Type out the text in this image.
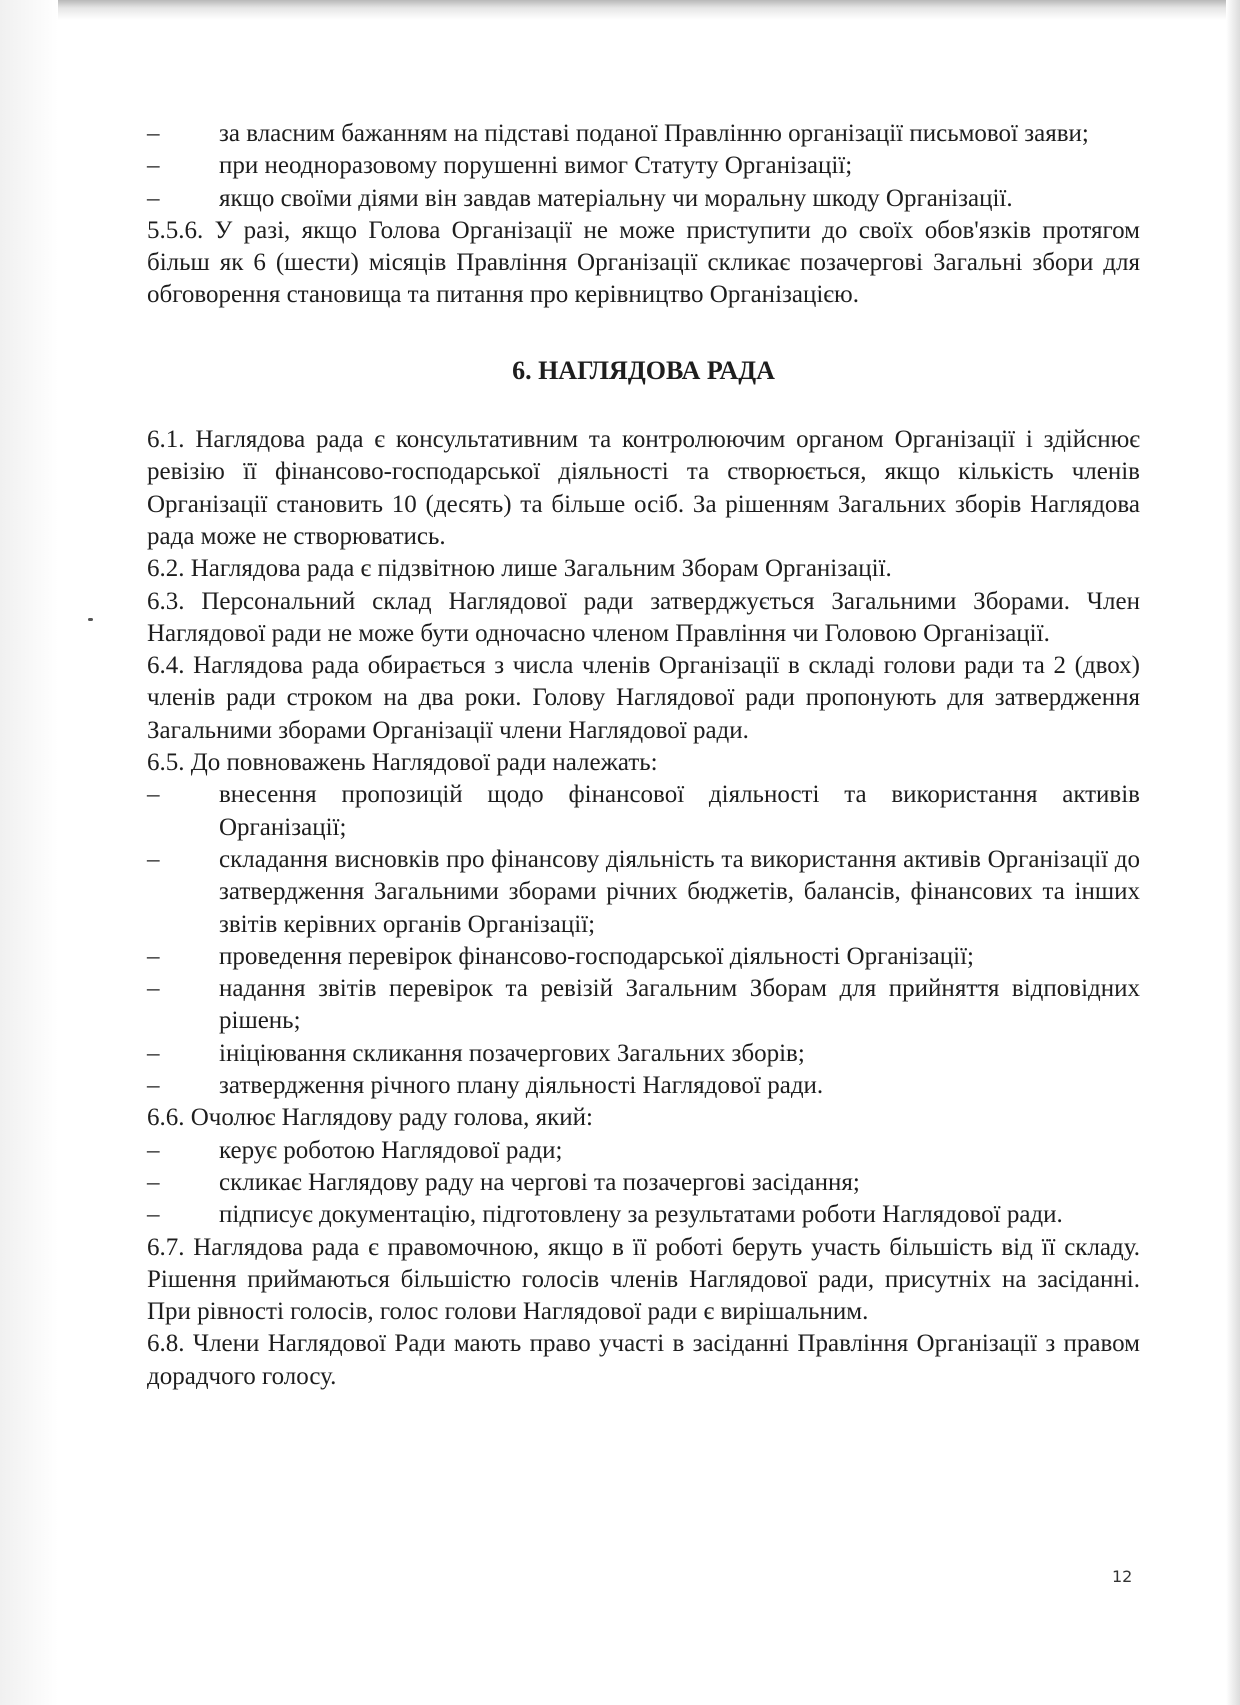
–	за власним бажанням на підставі поданої Правлінню організації письмової заяви;
–	при неодноразовому порушенні вимог Статуту Організації;
–	якщо своїми діями він завдав матеріальну чи моральну шкоду Організації.

5.5.6. У разі, якщо Голова Організації не може приступити до своїх обов'язків протягом більш як 6 (шести) місяців Правління Організації скликає позачергові Загальні збори для обговорення становища та питання про керівництво Організацією.

6. НАГЛЯДОВА РАДА

6.1. Наглядова рада є консультативним та контролюючим органом Організації і здійснює ревізію її фінансово-господарської діяльності та створюється, якщо кількість членів Організації становить 10 (десять) та більше осіб. За рішенням Загальних зборів Наглядова рада може не створюватись.

6.2. Наглядова рада є підзвітною лише Загальним Зборам Організації.

6.3. Персональний склад Наглядової ради затверджується Загальними Зборами. Член Наглядової ради не може бути одночасно членом Правління чи Головою Організації.

6.4. Наглядова рада обирається з числа членів Організації в складі голови ради та 2 (двох) членів ради строком на два роки. Голову Наглядової ради пропонують для затвердження Загальними зборами Організації члени Наглядової ради.

6.5. До повноважень Наглядової ради належать:

–	внесення пропозицій щодо фінансової діяльності та використання активів Організації;
–	складання висновків про фінансову діяльність та використання активів Організації до затвердження Загальними зборами річних бюджетів, балансів, фінансових та інших звітів керівних органів Організації;
–	проведення перевірок фінансово-господарської діяльності Організації;
–	надання звітів перевірок та ревізій Загальним Зборам для прийняття відповідних рішень;
–	ініціювання скликання позачергових Загальних зборів;
–	затвердження річного плану діяльності Наглядової ради.

6.6. Очолює Наглядову раду голова, який:

–	керує роботою Наглядової ради;
–	скликає Наглядову раду на чергові та позачергові засідання;
–	підписує документацію, підготовлену за результатами роботи Наглядової ради.

6.7. Наглядова рада є правомочною, якщо в її роботі беруть участь більшість від її складу. Рішення приймаються більшістю голосів членів Наглядової ради, присутніх на засіданні. При рівності голосів, голос голови Наглядової ради є вирішальним.

6.8. Члени Наглядової Ради мають право участі в засіданні Правління Організації з правом дорадчого голосу.

12
